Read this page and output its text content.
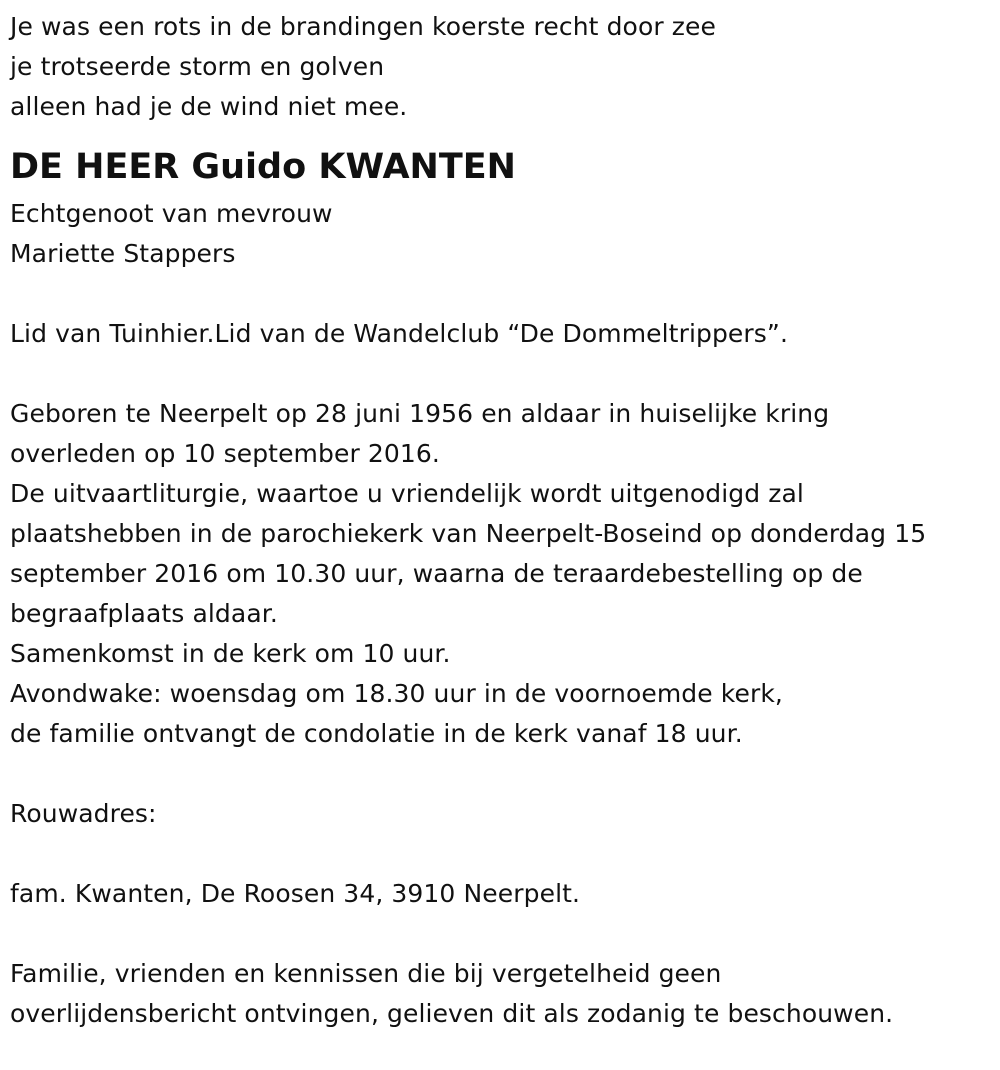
Je was een rots in de brandingen koerste recht door zee
je trotseerde storm en golven
alleen had je de wind niet mee.
DE HEER Guido KWANTEN
Echtgenoot van mevrouw
Mariette Stappers
Lid van Tuinhier.Lid van de Wandelclub “De Dommeltrippers”.
Geboren te Neerpelt op 28 juni 1956 en aldaar in huiselijke kring
overleden op 10 september 2016.
De uitvaartliturgie, waartoe u vriendelijk wordt uitgenodigd zal
plaatshebben in de parochiekerk van Neerpelt-Boseind op donderdag 15
september 2016 om 10.30 uur, waarna de teraardebestelling op de
begraafplaats aldaar.
Samenkomst in de kerk om 10 uur.
Avondwake: woensdag om 18.30 uur in de voornoemde kerk,
de familie ontvangt de condolatie in de kerk vanaf 18 uur.
Rouwadres:
fam. Kwanten, De Roosen 34, 3910 Neerpelt.
Familie, vrienden en kennissen die bij vergetelheid geen
overlijdensbericht ontvingen, gelieven dit als zodanig te beschouwen.
